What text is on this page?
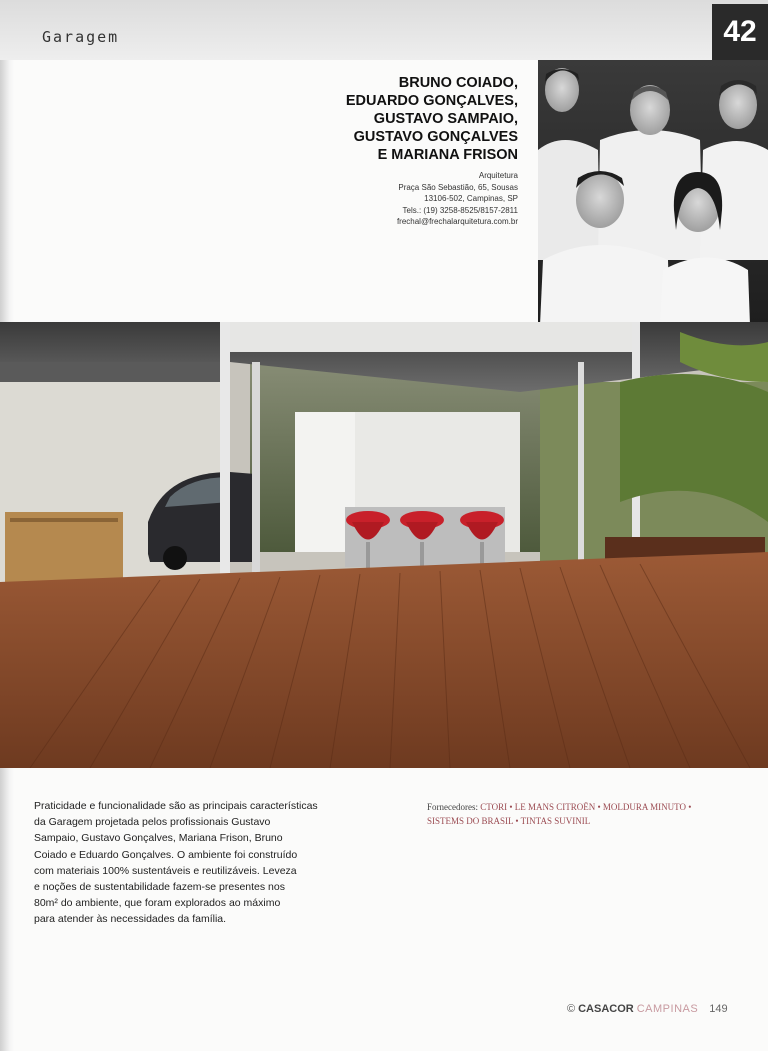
Garagem	42
BRUNO COIADO,
EDUARDO GONÇALVES,
GUSTAVO SAMPAIO,
GUSTAVO GONÇALVES
E MARIANA FRISON
Arquitetura
Praça São Sebastião, 65, Sousas
13106-502, Campinas, SP
Tels.: (19) 3258-8525/8157-2811
frechal@frechalarquitetura.com.br
Praticidade e funcionalidade são as principais características
da Garagem projetada pelos profissionais Gustavo
Sampaio, Gustavo Gonçalves, Mariana Frison, Bruno
Coiado e Eduardo Gonçalves. O ambiente foi construído
com materiais 100% sustentáveis e reutilizáveis. Leveza
e noções de sustentabilidade fazem-se presentes nos
80m² do ambiente, que foram explorados ao máximo
para atender às necessidades da família.
Fornecedores: CTORI • LE MANS CITROËN • MOLDURA MINUTO •
SISTEMS DO BRASIL • TINTAS SUVINIL
© CASACOR CAMPINAS 149
